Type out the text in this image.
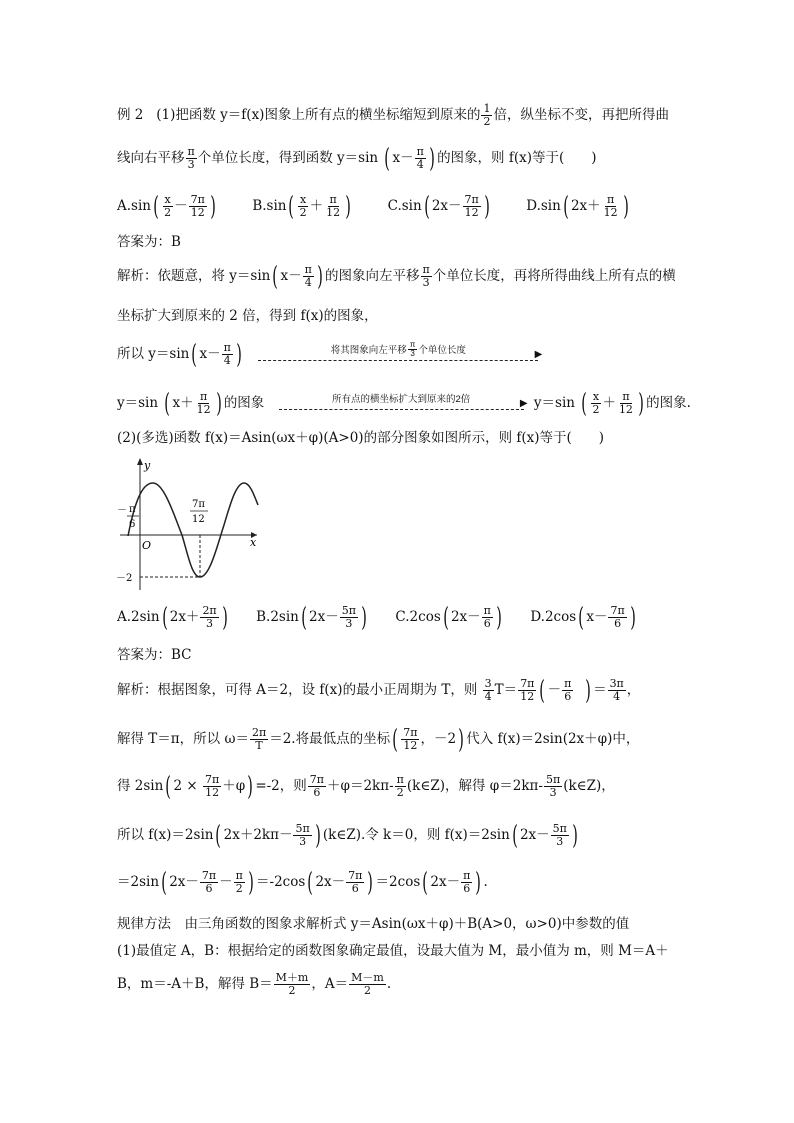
例 2 (1)把函数 y＝f(x)图象上所有点的横坐标缩短到原来的 $\frac{1}{2}$ 倍，纵坐标不变，再把所得曲
线向右平移 $\frac{\pi}{3}$ 个单位长度，得到函数 y＝sin ( $x- \frac{\pi}{4}$ ) 的图象，则 f(x)等于(　　)
$A.\sin( \frac{x}{2} - \frac{7\pi}{12}$ )	$B.\sin( \frac{x}{2} + \frac{\pi}{12}$ )	C.sin( $2x- \frac{7\pi}{12}$ )	D.sin( $2x+ \frac{\pi}{12}$ )
答案为：B
解析：依题意，将 y＝sin( $x- \frac{\pi}{4}$ ) 的图象向左平移 $\frac{\pi}{3}$ 个单位长度，再将所得曲线上所有点的横
坐标扩大到原来的 2 倍，得到 f(x)的图象，
所以 y＝sin( $x- \frac{\pi}{4}$ )	将其图象向左平移 $\frac{\pi}{3}$ 个单位长度	▶
y＝sin ( $x+ \frac{\pi}{12}$ ) 的图象	所有点的横坐标扩大到原来的2倍	▶ y＝sin ( $\frac{x}{2} + \frac{\pi}{12}$ ) 的图象.
(2)(多选)函数 f(x)＝Asin(ωx＋φ)(A>0)的部分图象如图所示，则 f(x)等于(　　)
y
x
O
－ π
6
7π
12
－2
A.2sin( $2x+ \frac{2\pi}{3}$ ) B.2sin( $2x- \frac{5\pi}{3}$ ) C.2cos( $2x- \frac{\pi}{6}$ ) D.2cos( $x- \frac{7\pi}{6}$ )
答案为：BC
解析：根据图象，可得 A＝2，设 f(x)的最小正周期为 T，则 $\frac{3}{4} T= \frac{7\pi}{12}$ ( － $\frac{\pi}{6}$ ) ＝ $\frac{3\pi}{4}$ ，
解得 T＝π，所以 $\omega= \frac{2\pi}{T} =2$.将最低点的坐标( $\frac{7\pi}{12}$ ，－2) 代入 f(x)＝2sin(2x＋φ)中，
得 2sin( $2 \times \frac{7\pi}{12} +\varphi) =-2$，则 $\frac{7\pi}{6} +\varphi=2k\pi- \frac{\pi}{2}$ (k∈Z)，解得 $\varphi=2k\pi- \frac{5\pi}{3}$ (k∈Z)，
所以 f(x)＝2sin( $2x+2k\pi- \frac{5\pi}{3}$ ) (k∈Z).令 k＝0，则 f(x)＝2sin( $2x- \frac{5\pi}{3}$ )
＝2sin( $2x- \frac{7\pi}{6} - \frac{\pi}{2}$ ) ＝-2cos( $2x- \frac{7\pi}{6}$ ) ＝2cos( $2x- \frac{\pi}{6}$ ) .
规律方法　由三角函数的图象求解析式 y＝Asin(ωx＋φ)＋B(A>0，ω>0)中参数的值
(1)最值定 A，B：根据给定的函数图象确定最值，设最大值为 M，最小值为 m，则 M＝A＋
B，m＝-A＋B，解得 $B= \frac{M+m}{2}$ ，$A= \frac{M-m}{2}$ .
